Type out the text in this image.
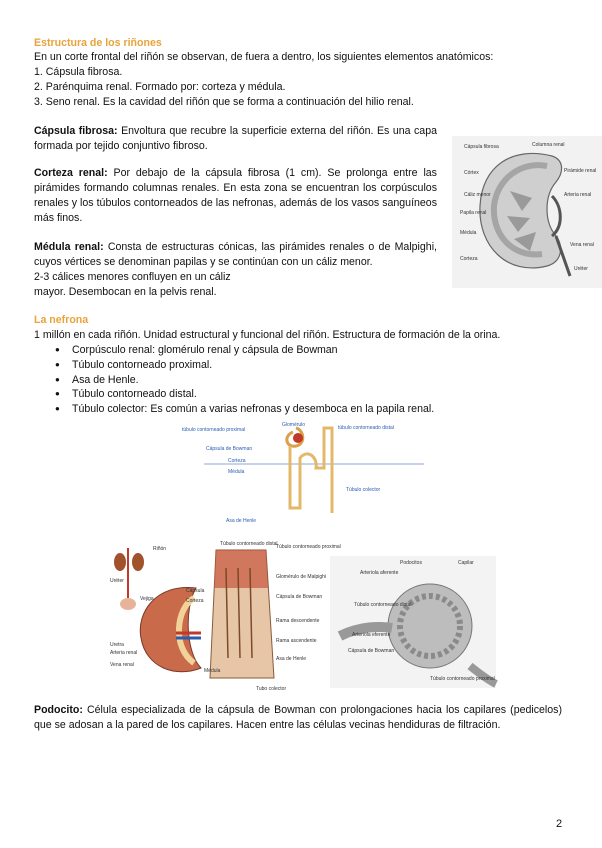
Estructura de los riñones
En un corte frontal del riñón se observan, de fuera a dentro, los siguientes elementos anatómicos:
1. Cápsula fibrosa.
2. Parénquima renal. Formado por: corteza y médula.
3. Seno renal. Es la cavidad del riñón que se forma a continuación del hilio renal.
Cápsula fibrosa: Envoltura que recubre la superficie externa del riñón. Es una capa formada por tejido conjuntivo fibroso.
Corteza renal: Por debajo de la cápsula fibrosa (1 cm). Se prolonga entre las pirámides formando columnas renales. En esta zona se encuentran los corpúsculos renales y los túbulos contorneados de las nefronas, además de los vasos sanguíneos más finos.
Médula renal: Consta de estructuras cónicas, las pirámides renales o de Malpighi, cuyos vértices se denominan papilas y se continúan con un cáliz menor.
2-3 cálices menores confluyen en un cáliz
mayor. Desembocan en la pelvis renal.
Cápsula fibrosa	Columna renal
Pirámide renal
Córtex
Arteria renal
Cáliz menor
Papila renal
Médula
Vena renal
Corteza
Uréter
La nefrona
1 millón en cada riñón. Unidad estructural y funcional del riñón. Estructura de formación de la orina.
● Corpúsculo renal: glomérulo renal y cápsula de Bowman
● Túbulo contorneado proximal.
● Asa de Henle.
● Túbulo contorneado distal.
● Túbulo colector: Es común a varias nefronas y desemboca en la papila renal.
túbulo contorneado proximal
Glomérulo	túbulo contorneado distal
Cápsula de Bowman
Corteza
Médula
Túbulo colector
Asa de Henle
Riñón
Uréter
Vejiga
Uretra
Arteria renal
Vena renal
Cápsula
Corteza
Médula
Túbulo contorneado distal
Túbulo contorneado proximal
Glomérulo de Malpighi
Cápsula de Bowman
Rama descendente
Rama ascendente
Asa de Henle
Tubo colector
Arteriola aferente
Podocitos	Capilar
Túbulo contorneado distal
Arteriola eferente
Cápsula de Bowman
Túbulo contorneado proximal
Podocito: Célula especializada de la cápsula de Bowman con prolongaciones hacia los capilares (pedicelos) que se adosan a la pared de los capilares. Hacen entre las células vecinas hendiduras de filtración.
2
